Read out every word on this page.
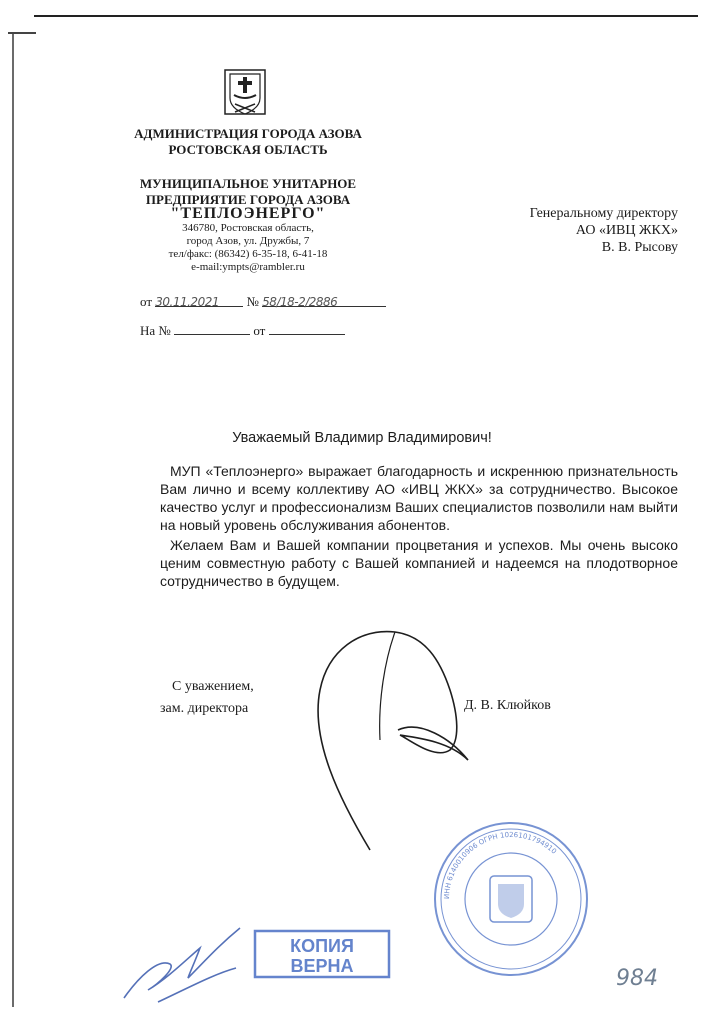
АДМИНИСТРАЦИЯ ГОРОДА АЗОВА
РОСТОВСКАЯ ОБЛАСТЬ
МУНИЦИПАЛЬНОЕ УНИТАРНОЕ
ПРЕДПРИЯТИЕ ГОРОДА АЗОВА
"ТЕПЛОЭНЕРГО"
346780, Ростовская область,
город Азов, ул. Дружбы, 7
тел/факс: (86342) 6-35-18, 6-41-18
e-mail:ympts@rambler.ru
Генеральному директору
АО «ИВЦ ЖКХ»
В. В. Рысову
от 30.11.2021 № 58/18-2/2886
На №	от
Уважаемый Владимир Владимирович!

МУП «Теплоэнерго» выражает благодарность и искреннюю признательность Вам лично и всему коллективу АО «ИВЦ ЖКХ» за сотрудничество. Высокое качество услуг и профессионализм Ваших специалистов позволили нам выйти на новый уровень обслуживания абонентов.

Желаем Вам и Вашей компании процветания и успехов. Мы очень высоко ценим совместную работу с Вашей компанией и надеемся на плодотворное сотрудничество в будущем.

С уважением,
зам. директора	Д. В. Клюйков
КОПИЯ
ВЕРНА
ИНН 6140010906 ОГРН 1026101794910
984
